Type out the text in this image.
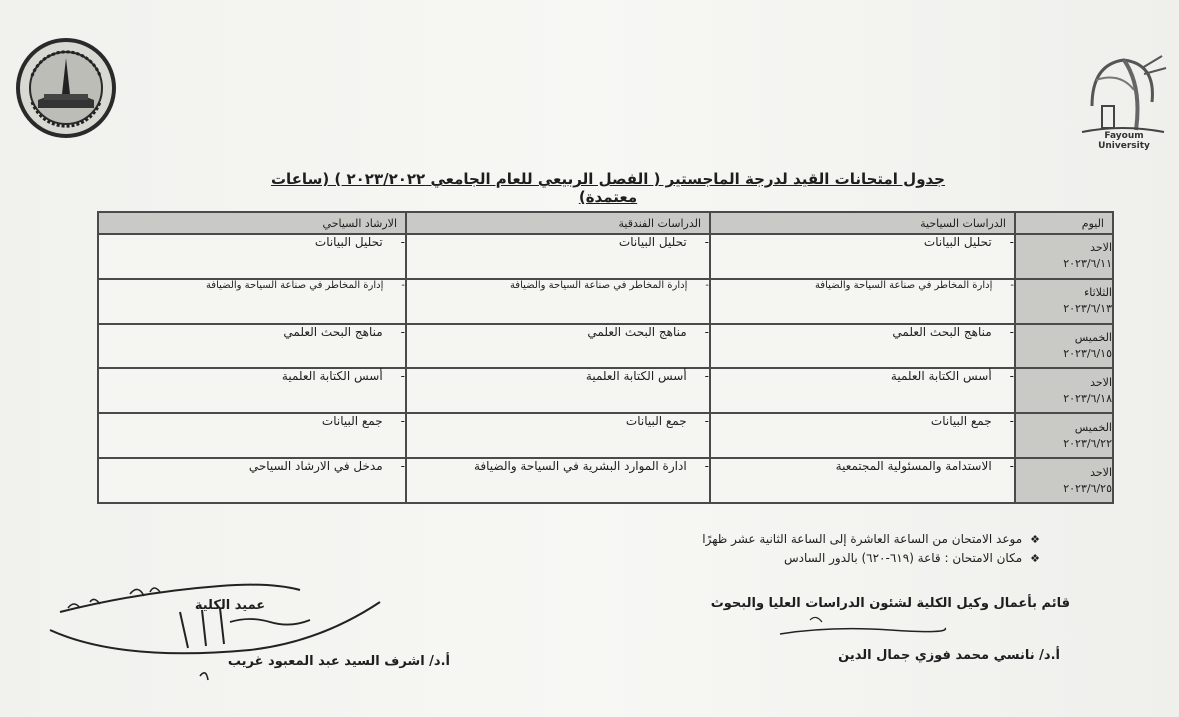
Fayoum University
جدول امتحانات القيد لدرجة الماجستير ( الفصل الربيعي للعام الجامعي ٢٠٢٣/٢٠٢٢ ) (ساعات معتمدة)
اليوم	الدراسات السياحية	الدراسات الفندقية	الارشاد السياحي

الاحد
٢٠٢٣/٦/١١	-تحليل البيانات	-تحليل البيانات	-تحليل البيانات

الثلاثاء
٢٠٢٣/٦/١٣	-إدارة المخاطر في صناعة السياحة والضيافة	-إدارة المخاطر في صناعة السياحة والضيافة	-إدارة المخاطر في صناعة السياحة والضيافة

الخميس
٢٠٢٣/٦/١٥	-مناهج البحث العلمي	-مناهج البحث العلمي	-مناهج البحث العلمي

الاحد
٢٠٢٣/٦/١٨	-أسس الكتابة العلمية	-أسس الكتابة العلمية	-أسس الكتابة العلمية

الخميس
٢٠٢٣/٦/٢٢	-جمع البيانات	-جمع البيانات	-جمع البيانات

الاحد
٢٠٢٣/٦/٢٥	-الاستدامة والمسئولية المجتمعية	-ادارة الموارد البشرية في السياحة والضيافة	-مدخل في الارشاد السياحي
❖موعد الامتحان من الساعة العاشرة إلى الساعة الثانية عشر ظهرًا
❖مكان الامتحان : قاعة (٦١٩-٦٢٠) بالدور السادس
قائم بأعمال وكيل الكلية لشئون الدراسات العليا والبحوث
أ.د/ نانسي محمد فوزي جمال الدين
عميد الكلية
أ.د/ اشرف السيد عبد المعبود غريب
